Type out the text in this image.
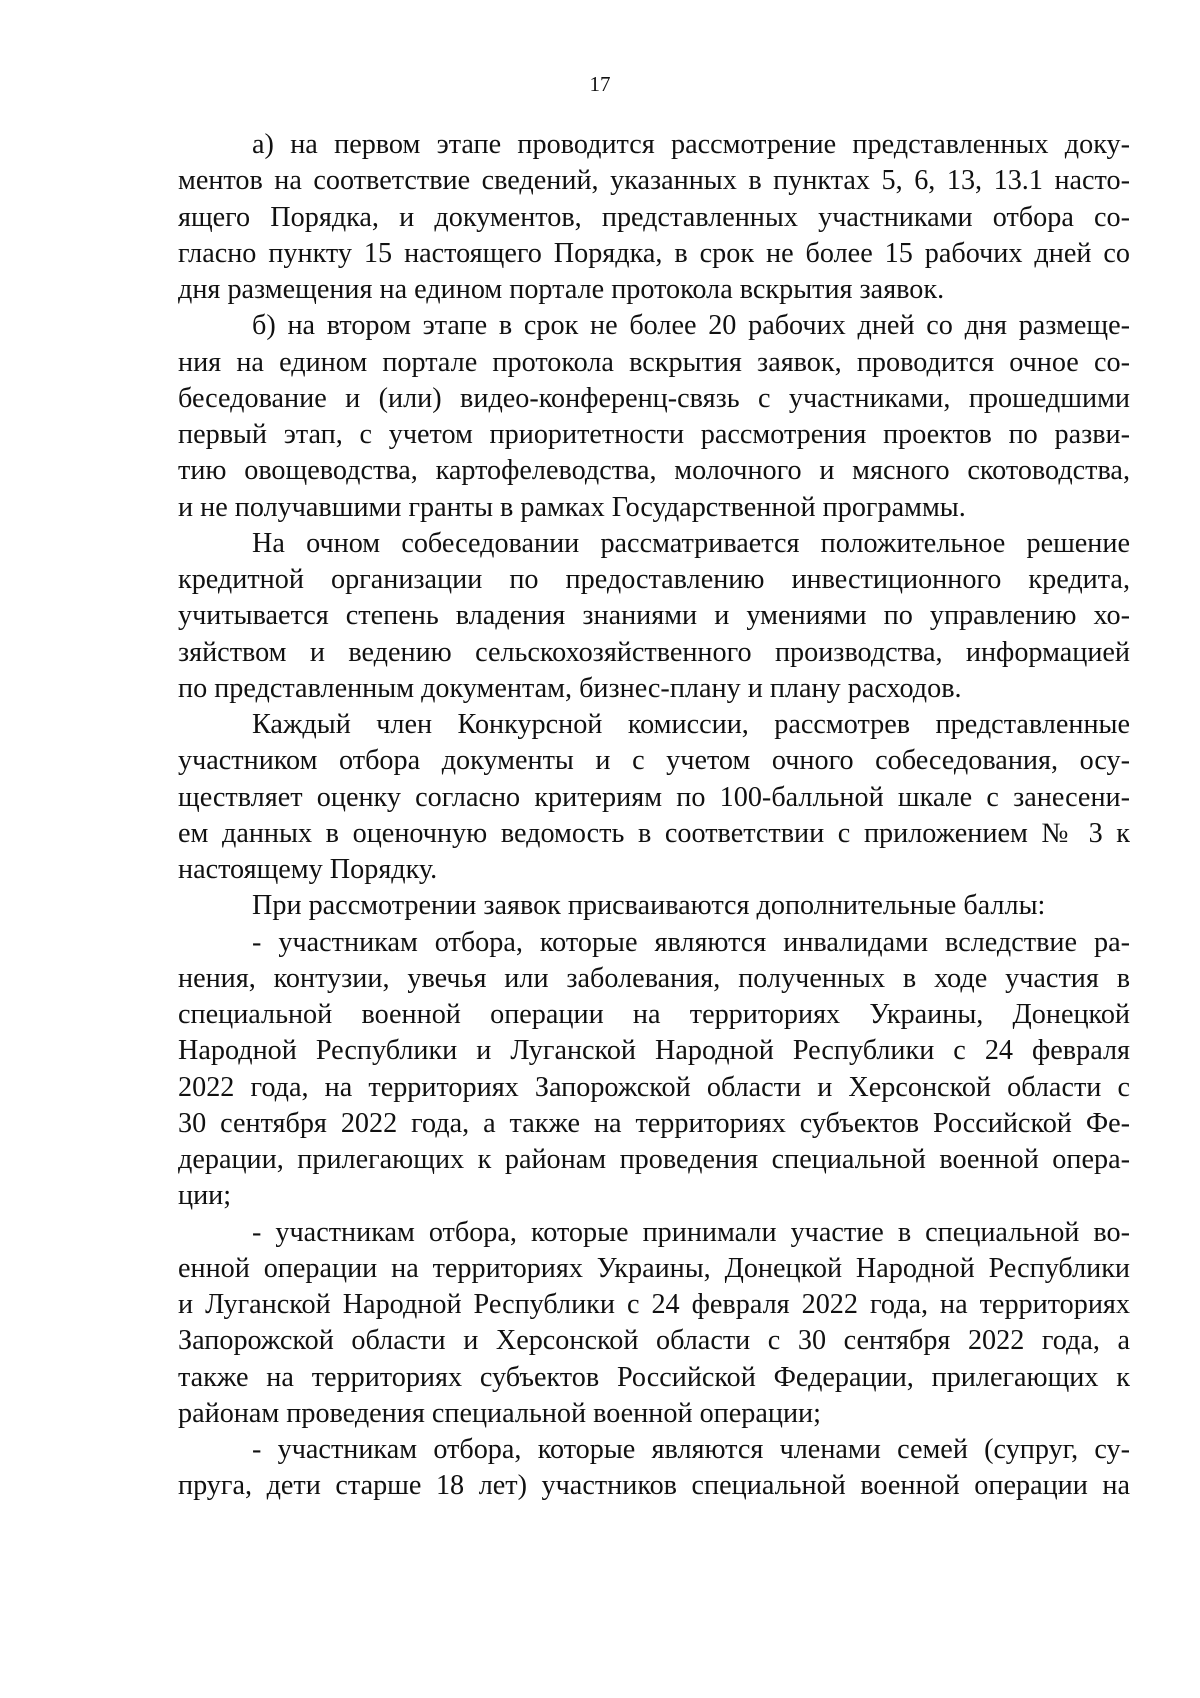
17
а) на первом этапе проводится рассмотрение представленных доку-
ментов на соответствие сведений, указанных в пунктах 5, 6, 13, 13.1 насто-
ящего Порядка, и документов, представленных участниками отбора со-
гласно пункту 15 настоящего Порядка, в срок не более 15 рабочих дней со
дня размещения на едином портале протокола вскрытия заявок.
б) на втором этапе в срок не более 20 рабочих дней со дня размеще-
ния на едином портале протокола вскрытия заявок, проводится очное со-
беседование и (или) видео-конференц-связь с участниками, прошедшими
первый этап, с учетом приоритетности рассмотрения проектов по разви-
тию овощеводства, картофелеводства, молочного и мясного скотоводства,
и не получавшими гранты в рамках Государственной программы.
На очном собеседовании рассматривается положительное решение
кредитной организации по предоставлению инвестиционного кредита,
учитывается степень владения знаниями и умениями по управлению хо-
зяйством и ведению сельскохозяйственного производства, информацией
по представленным документам, бизнес-плану и плану расходов.
Каждый член Конкурсной комиссии, рассмотрев представленные
участником отбора документы и с учетом очного собеседования, осу-
ществляет оценку согласно критериям по 100-балльной шкале с занесени-
ем данных в оценочную ведомость в соответствии с приложением № 3 к
настоящему Порядку.
При рассмотрении заявок присваиваются дополнительные баллы:
- участникам отбора, которые являются инвалидами вследствие ра-
нения, контузии, увечья или заболевания, полученных в ходе участия в
специальной военной операции на территориях Украины, Донецкой
Народной Республики и Луганской Народной Республики с 24 февраля
2022 года, на территориях Запорожской области и Херсонской области с
30 сентября 2022 года, а также на территориях субъектов Российской Фе-
дерации, прилегающих к районам проведения специальной военной опера-
ции;
- участникам отбора, которые принимали участие в специальной во-
енной операции на территориях Украины, Донецкой Народной Республики
и Луганской Народной Республики с 24 февраля 2022 года, на территориях
Запорожской области и Херсонской области с 30 сентября 2022 года, а
также на территориях субъектов Российской Федерации, прилегающих к
районам проведения специальной военной операции;
- участникам отбора, которые являются членами семей (супруг, су-
пруга, дети старше 18 лет) участников специальной военной операции на
